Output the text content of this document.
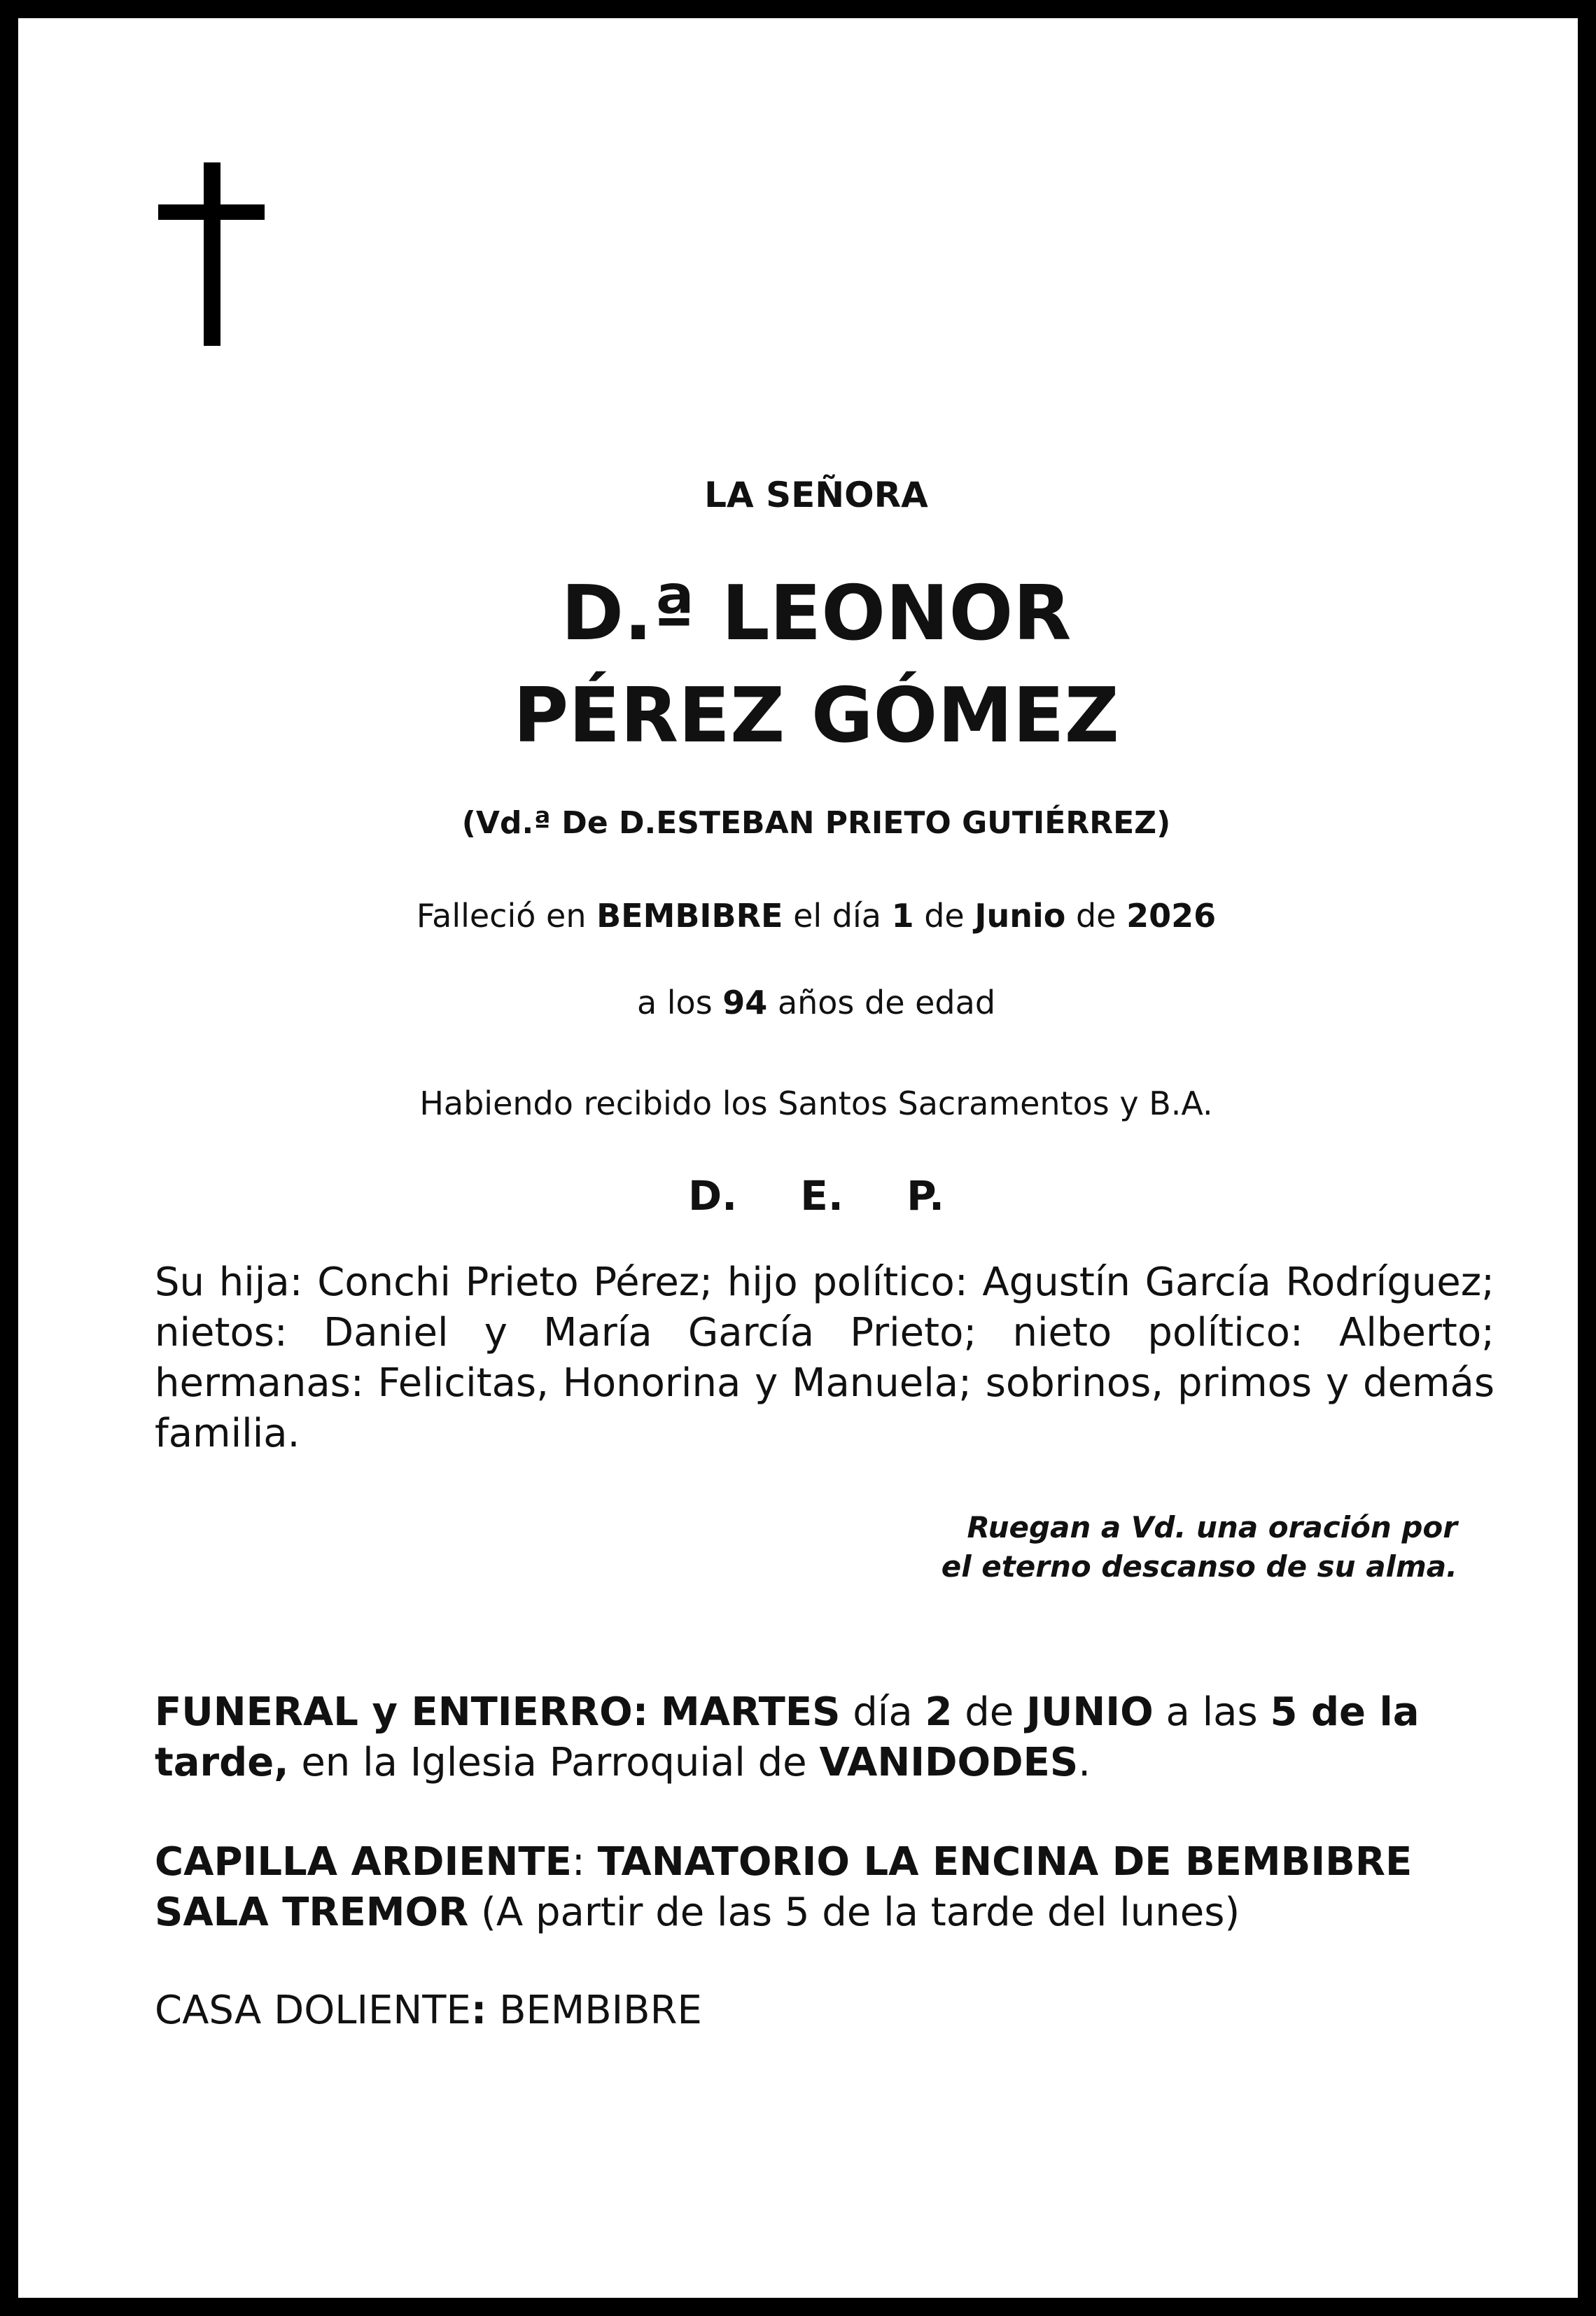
LA SEÑORA
D.ª LEONOR
PÉREZ GÓMEZ
(Vd.ª De D.ESTEBAN PRIETO GUTIÉRREZ)
Falleció en BEMBIBRE el día 1 de Junio de 2026
a los 94 años de edad
Habiendo recibido los Santos Sacramentos y B.A.
D. E. P.
Su hija: Conchi Prieto Pérez; hijo político: Agustín García Rodríguez; nietos: Daniel y María García Prieto; nieto político: Alberto; hermanas: Felicitas, Honorina y Manuela; sobrinos, primos y demás familia.
Ruegan a Vd. una oración por
el eterno descanso de su alma.
FUNERAL y ENTIERRO: MARTES día 2 de JUNIO a las 5 de la tarde, en la Iglesia Parroquial de VANIDODES.
CAPILLA ARDIENTE: TANATORIO LA ENCINA DE BEMBIBRE
SALA TREMOR (A partir de las 5 de la tarde del lunes)
CASA DOLIENTE: BEMBIBRE
